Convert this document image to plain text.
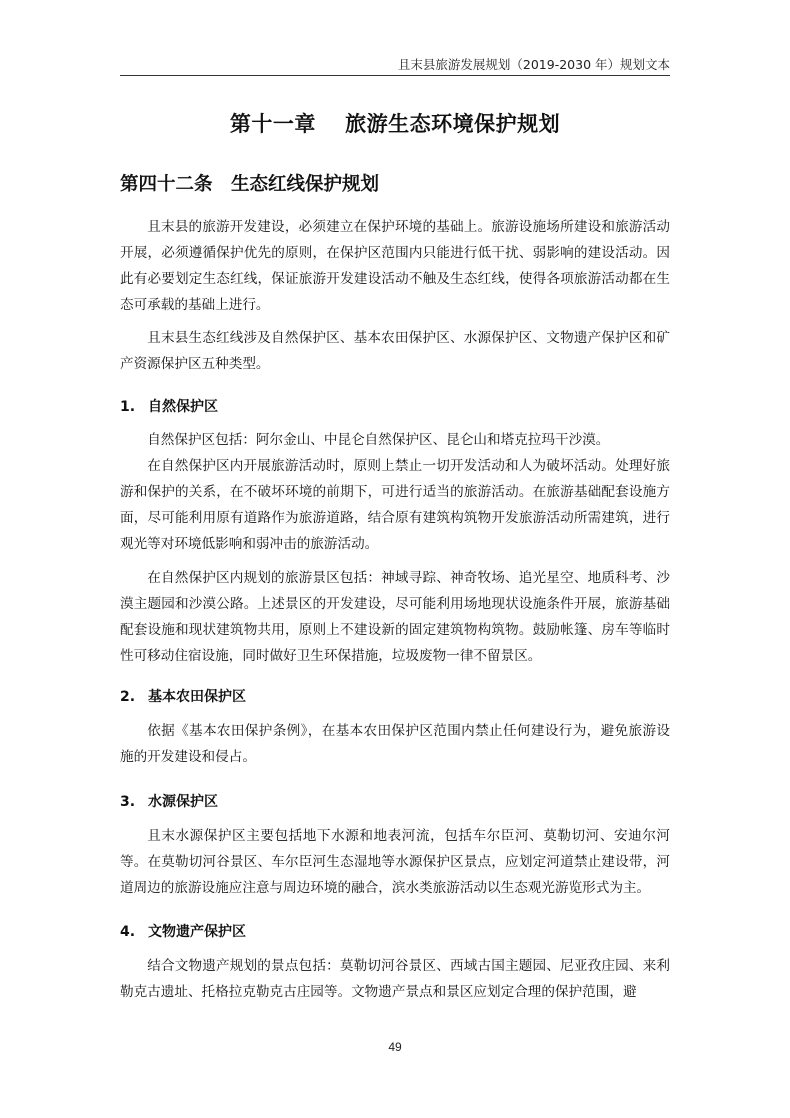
且末县旅游发展规划（2019-2030 年）规划文本
第十一章　 旅游生态环境保护规划
第四十二条　生态红线保护规划

且末县的旅游开发建设，必须建立在保护环境的基础上。旅游设施场所建设和旅游活动开展，必须遵循保护优先的原则，在保护区范围内只能进行低干扰、弱影响的建设活动。因此有必要划定生态红线，保证旅游开发建设活动不触及生态红线，使得各项旅游活动都在生态可承载的基础上进行。

且末县生态红线涉及自然保护区、基本农田保护区、水源保护区、文物遗产保护区和矿产资源保护区五种类型。

1. 自然保护区

自然保护区包括：阿尔金山、中昆仑自然保护区、昆仑山和塔克拉玛干沙漠。

在自然保护区内开展旅游活动时，原则上禁止一切开发活动和人为破坏活动。处理好旅游和保护的关系，在不破坏环境的前期下，可进行适当的旅游活动。在旅游基础配套设施方面，尽可能利用原有道路作为旅游道路，结合原有建筑构筑物开发旅游活动所需建筑，进行观光等对环境低影响和弱冲击的旅游活动。

在自然保护区内规划的旅游景区包括：神域寻踪、神奇牧场、追光星空、地质科考、沙漠主题园和沙漠公路。上述景区的开发建设，尽可能利用场地现状设施条件开展，旅游基础配套设施和现状建筑物共用，原则上不建设新的固定建筑物构筑物。鼓励帐篷、房车等临时性可移动住宿设施，同时做好卫生环保措施，垃圾废物一律不留景区。

2. 基本农田保护区

依据《基本农田保护条例》，在基本农田保护区范围内禁止任何建设行为，避免旅游设施的开发建设和侵占。

3. 水源保护区

且末水源保护区主要包括地下水源和地表河流，包括车尔臣河、莫勒切河、安迪尔河等。在莫勒切河谷景区、车尔臣河生态湿地等水源保护区景点，应划定河道禁止建设带，河道周边的旅游设施应注意与周边环境的融合，滨水类旅游活动以生态观光游览形式为主。

4. 文物遗产保护区

结合文物遗产规划的景点包括：莫勒切河谷景区、西域古国主题园、尼亚孜庄园、来利勒克古遗址、托格拉克勒克古庄园等。文物遗产景点和景区应划定合理的保护范围，避

49
